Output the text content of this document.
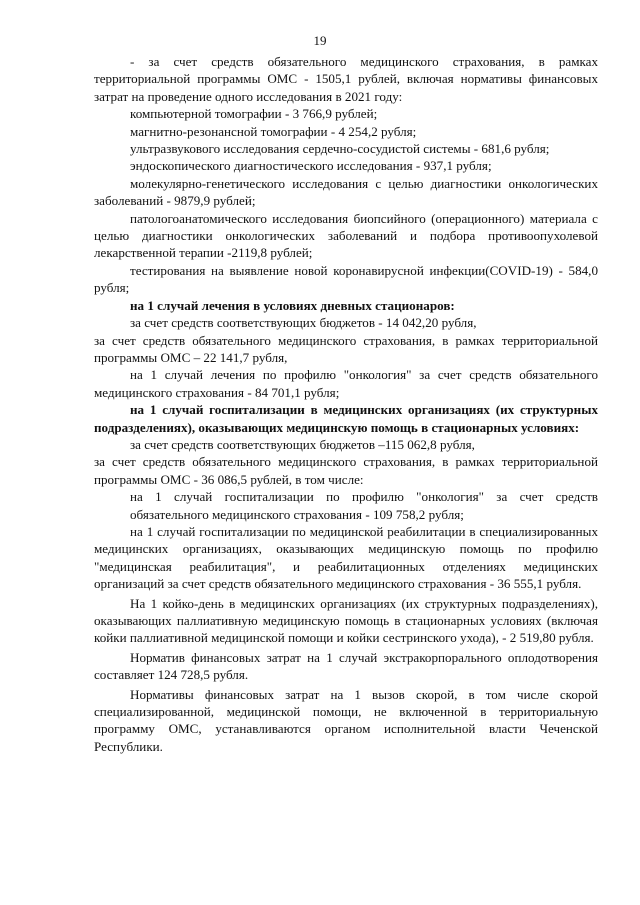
19

- за счет средств обязательного медицинского страхования, в рамках территориальной программы ОМС - 1505,1 рублей, включая нормативы финансовых затрат на проведение одного исследования в 2021 году:

компьютерной томографии - 3 766,9 рублей;

магнитно-резонансной томографии - 4 254,2 рубля;

ультразвукового исследования сердечно-сосудистой системы - 681,6 рубля;

эндоскопического диагностического исследования - 937,1 рубля;

молекулярно-генетического исследования с целью диагностики онкологических заболеваний - 9879,9 рублей;

патологоанатомического исследования биопсийного (операционного) материала с целью диагностики онкологических заболеваний и подбора противоопухолевой лекарственной терапии -2119,8 рублей;

тестирования на выявление новой коронавирусной инфекции(COVID-19) - 584,0 рубля;

на 1 случай лечения в условиях дневных стационаров:

за счет средств соответствующих бюджетов - 14 042,20 рубля,

за счет средств обязательного медицинского страхования, в рамках территориальной программы ОМС – 22 141,7 рубля,

на 1 случай лечения по профилю "онкология" за счет средств обязательного медицинского страхования - 84 701,1 рубля;

на 1 случай госпитализации в медицинских организациях (их структурных подразделениях), оказывающих медицинскую помощь в стационарных условиях:

за счет средств соответствующих бюджетов –115 062,8 рубля,

за счет средств обязательного медицинского страхования, в рамках территориальной программы ОМС - 36 086,5 рублей, в том числе:

на 1 случай госпитализации по профилю "онкология" за счет средств обязательного медицинского страхования - 109 758,2 рубля;

на 1 случай госпитализации по медицинской реабилитации в специализированных медицинских организациях, оказывающих медицинскую помощь по профилю "медицинская реабилитация", и реабилитационных отделениях медицинских организаций за счет средств обязательного медицинского страхования - 36 555,1 рубля.

На 1 койко-день в медицинских организациях (их структурных подразделениях), оказывающих паллиативную медицинскую помощь в стационарных условиях (включая койки паллиативной медицинской помощи и койки сестринского ухода), - 2 519,80 рубля.

Норматив финансовых затрат на 1 случай экстракорпорального оплодотворения составляет 124 728,5 рубля.

Нормативы финансовых затрат на 1 вызов скорой, в том числе скорой специализированной, медицинской помощи, не включенной в территориальную программу ОМС, устанавливаются органом исполнительной власти Чеченской Республики.
